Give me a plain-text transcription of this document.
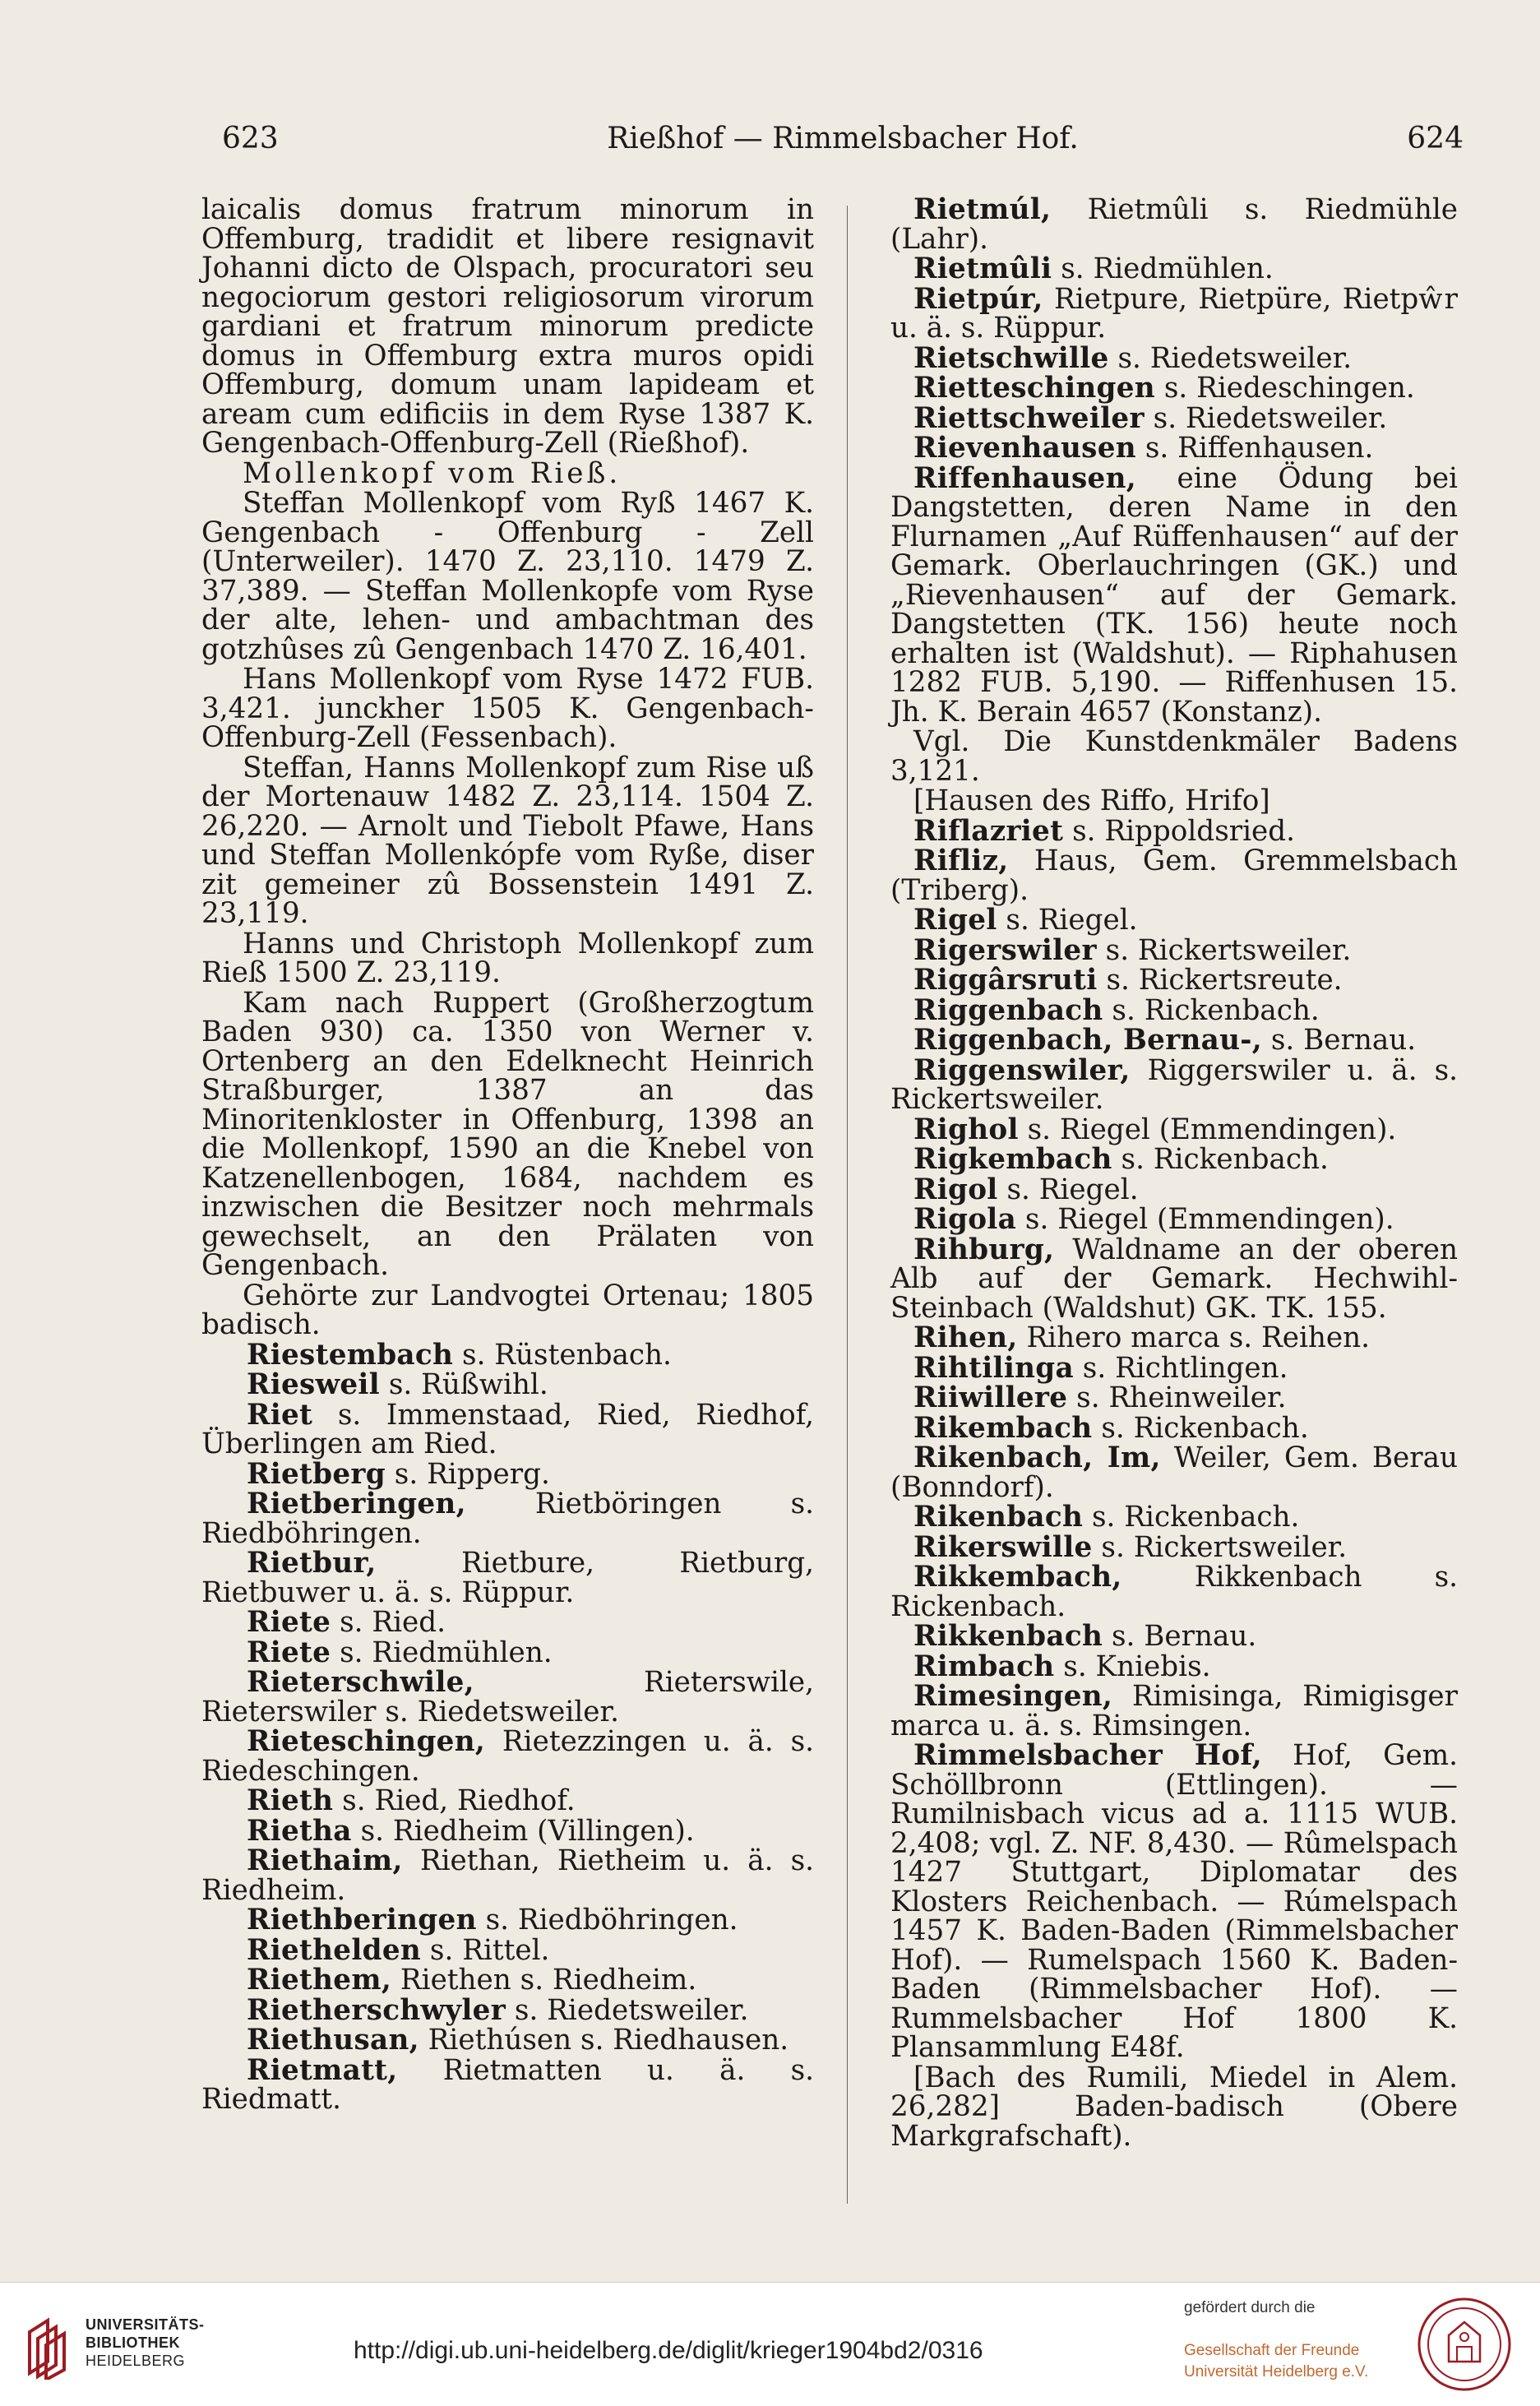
623	Rießhof — Rimmelsbacher Hof.	624

laicalis domus fratrum minorum in Offemburg, tradidit et libere resignavit Johanni dicto de Olspach, procuratori seu negociorum gestori religiosorum virorum gardiani et fratrum minorum predicte domus in Offemburg extra muros opidi Offemburg, domum unam lapideam et aream cum edificiis in dem Ryse 1387 K. Gengenbach-Offenburg-Zell (Rießhof).

Mollenkopf vom Rieß.

Steffan Mollenkopf vom Ryß 1467 K. Gengenbach - Offenburg - Zell (Unterweiler). 1470 Z. 23,110. 1479 Z. 37,389. — Steffan Mollenkopfe vom Ryse der alte, lehen- und ambachtman des gotzhûses zû Gengenbach 1470 Z. 16,401.

Hans Mollenkopf vom Ryse 1472 FUB. 3,421. junckher 1505 K. Gengenbach-Offenburg-Zell (Fessenbach).

Steffan, Hanns Mollenkopf zum Rise uß der Mortenauw 1482 Z. 23,114. 1504 Z. 26,220. — Arnolt und Tiebolt Pfawe, Hans und Steffan Mollenkópfe vom Ryße, diser zit gemeiner zû Bossenstein 1491 Z. 23,119.

Hanns und Christoph Mollenkopf zum Rieß 1500 Z. 23,119.

Kam nach Ruppert (Großherzogtum Baden 930) ca. 1350 von Werner v. Ortenberg an den Edelknecht Heinrich Straßburger, 1387 an das Minoritenkloster in Offenburg, 1398 an die Mollenkopf, 1590 an die Knebel von Katzenellenbogen, 1684, nachdem es inzwischen die Besitzer noch mehrmals gewechselt, an den Prälaten von Gengenbach.

Gehörte zur Landvogtei Ortenau; 1805 badisch.

Riestembach s. Rüstenbach.

Riesweil s. Rüßwihl.

Riet s. Immenstaad, Ried, Riedhof, Überlingen am Ried.

Rietberg s. Ripperg.

Rietberingen, Rietböringen s. Riedböhringen.

Rietbur, Rietbure, Rietburg, Rietbuwer u. ä. s. Rüppur.

Riete s. Ried.

Riete s. Riedmühlen.

Rieterschwile, Rieterswile, Rieterswiler s. Riedetsweiler.

Rieteschingen, Rietezzingen u. ä. s. Riedeschingen.

Rieth s. Ried, Riedhof.

Rietha s. Riedheim (Villingen).

Riethaim, Riethan, Rietheim u. ä. s. Riedheim.

Riethberingen s. Riedböhringen.

Riethelden s. Rittel.

Riethem, Riethen s. Riedheim.

Rietherschwyler s. Riedetsweiler.

Riethusan, Riethúsen s. Riedhausen.

Rietmatt, Rietmatten u. ä. s. Riedmatt.

Rietmúl, Rietmûli s. Riedmühle (Lahr).

Rietmûli s. Riedmühlen.

Rietpúr, Rietpure, Rietpüre, Rietpŵr u. ä. s. Rüppur.

Rietschwille s. Riedetsweiler.

Rietteschingen s. Riedeschingen.

Riettschweiler s. Riedetsweiler.

Rievenhausen s. Riffenhausen.

Riffenhausen, eine Ödung bei Dangstetten, deren Name in den Flurnamen „Auf Rüffenhausen“ auf der Gemark. Oberlauchringen (GK.) und „Rievenhausen“ auf der Gemark. Dangstetten (TK. 156) heute noch erhalten ist (Waldshut). — Riphahusen 1282 FUB. 5,190. — Riffenhusen 15. Jh. K. Berain 4657 (Konstanz).

Vgl. Die Kunstdenkmäler Badens 3,121.

[Hausen des Riffo, Hrifo]

Riflazriet s. Rippoldsried.

Rifliz, Haus, Gem. Gremmelsbach (Triberg).

Rigel s. Riegel.

Rigerswiler s. Rickertsweiler.

Riggârsruti s. Rickertsreute.

Riggenbach s. Rickenbach.

Riggenbach, Bernau-, s. Bernau.

Riggenswiler, Riggerswiler u. ä. s. Rickertsweiler.

Righol s. Riegel (Emmendingen).

Rigkembach s. Rickenbach.

Rigol s. Riegel.

Rigola s. Riegel (Emmendingen).

Rihburg, Waldname an der oberen Alb auf der Gemark. Hechwihl-Steinbach (Waldshut) GK. TK. 155.

Rihen, Rihero marca s. Reihen.

Rihtilinga s. Richtlingen.

Riiwillere s. Rheinweiler.

Rikembach s. Rickenbach.

Rikenbach, Im, Weiler, Gem. Berau (Bonndorf).

Rikenbach s. Rickenbach.

Rikerswille s. Rickertsweiler.

Rikkembach, Rikkenbach s. Rickenbach.

Rikkenbach s. Bernau.

Rimbach s. Kniebis.

Rimesingen, Rimisinga, Rimigisger marca u. ä. s. Rimsingen.

Rimmelsbacher Hof, Hof, Gem. Schöllbronn (Ettlingen). — Rumilnisbach vicus ad a. 1115 WUB. 2,408; vgl. Z. NF. 8,430. — Rûmelspach 1427 Stuttgart, Diplomatar des Klosters Reichenbach. — Rúmelspach 1457 K. Baden-Baden (Rimmelsbacher Hof). — Rumelspach 1560 K. Baden-Baden (Rimmelsbacher Hof). — Rummelsbacher Hof 1800 K. Plansammlung E48f.

[Bach des Rumili, Miedel in Alem. 26,282] Baden-badisch (Obere Markgrafschaft).

UNIVERSITÄTS-
BIBLIOTHEK
HEIDELBERG	http://digi.ub.uni-heidelberg.de/diglit/krieger1904bd2/0316
gefördert durch die
Gesellschaft der Freunde
Universität Heidelberg e.V.
